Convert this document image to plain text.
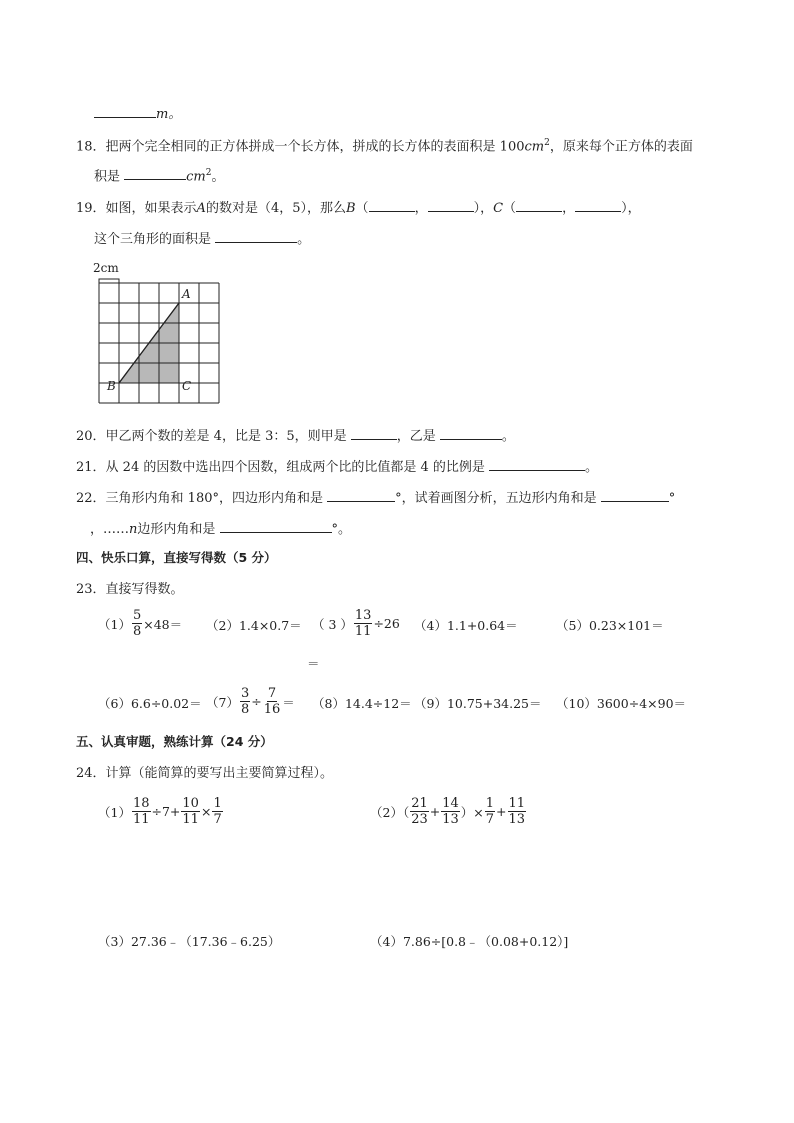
m。
18．把两个完全相同的正方体拼成一个长方体，拼成的长方体的表面积是 $100cm^2$，原来每个正方体的表面
积是	$cm^2$。
19．如图，如果表示A的数对是（4，5），那么B（	，	），C（	，	），
这个三角形的面积是	。
2cm
A
B	C
20．甲乙两个数的差是 4，比是 3：5，则甲是	，乙是	。
21．从 24 的因数中选出四个因数，组成两个比的比值都是 4 的比例是	。
22．三角形内角和 180°，四边形内角和是	°，试着画图分析，五边形内角和是	°
，……n边形内角和是	°。
四、快乐口算，直接写得数（5 分）
23．直接写得数。
$(1) \frac{5}{8} \times 48= (2)1.4\times 0.7=$ （ 3 ） $\frac{13}{11} \div 26$ （4）1.1+0.64＝	（5）0.23×101＝
＝
$(6)6.6\div 0.02= (7) \frac{3}{8} \div \frac{7}{16} = (8)14.4\div 12= (9)10.75+34.25= (10)3600\div 4\times 90=$
五、认真审题，熟练计算（24 分）
24．计算（能简算的要写出主要简算过程）。
$(1) \frac{18}{11} \div 7+ \frac{10}{11} \times \frac{1}{7}$	$(2)( \frac{21}{23} + \frac{14}{13}$ ）× $\frac{1}{7} + \frac{11}{13}$
（3）27.36﹣（17.36﹣6.25）	（4）7.86÷[0.8﹣（0.08+0.12）]
